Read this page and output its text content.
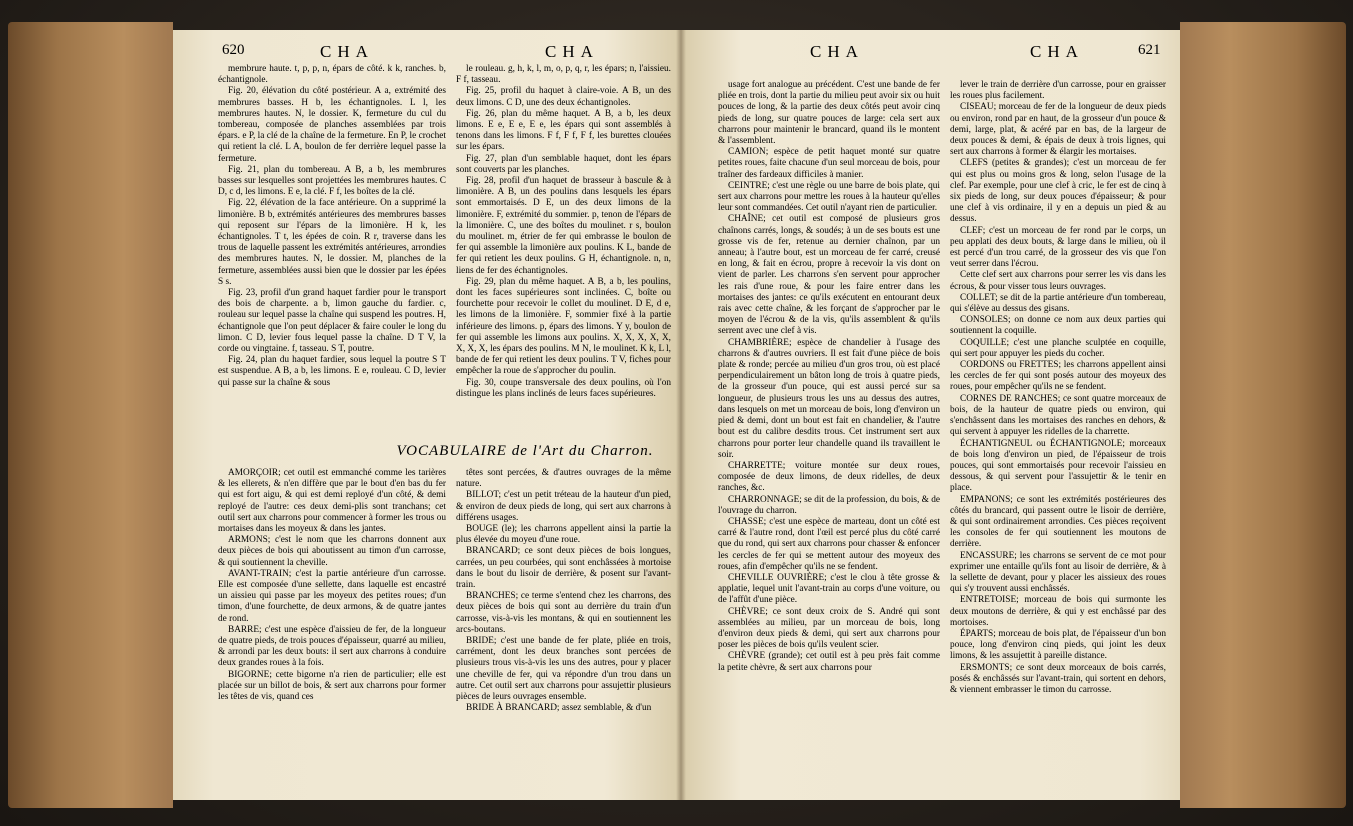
620	CHA	CHA	CHA	CHA	621

membrure haute. t, p, p, n, épars de côté. k k, ranches. b, échantignole.

Fig. 20, élévation du côté postérieur. A a, extrémité des membrures basses. H b, les échantignoles. L l, les membrures hautes. N, le dossier. K, fermeture du cul du tombereau, composée de planches assemblées par trois épars. e P, la clé de la chaîne de la fermeture. En P, le crochet qui retient la clé. L A, boulon de fer derrière lequel passe la fermeture.

Fig. 21, plan du tombereau. A B, a b, les membrures basses sur lesquelles sont projettées les membrures hautes. C D, c d, les limons. E e, la clé. F f, les boîtes de la clé.

Fig. 22, élévation de la face antérieure. On a supprimé la limonière. B b, extrémités antérieures des membrures basses qui reposent sur l'épars de la limonière. H k, les échantignoles. T t, les épées de coin. R r, traverse dans les trous de laquelle passent les extrémités antérieures, arrondies des membrures hautes. N, le dossier. M, planches de la fermeture, assemblées aussi bien que le dossier par les épées S s.

Fig. 23, profil d'un grand haquet fardier pour le transport des bois de charpente. a b, limon gauche du fardier. c, rouleau sur lequel passe la chaîne qui suspend les poutres. H, échantignole que l'on peut déplacer & faire couler le long du limon. C D, levier fous lequel passe la chaîne. D T V, la corde ou vingtaine. f, tasseau. S T, poutre.

Fig. 24, plan du haquet fardier, sous lequel la poutre S T est suspendue. A B, a b, les limons. E e, rouleau. C D, levier qui passe sur la chaîne & sous

le rouleau. g, h, k, l, m, o, p, q, r, les épars; n, l'aissieu. F f, tasseau.

Fig. 25, profil du haquet à claire-voie. A B, un des deux limons. C D, une des deux échantignoles.

Fig. 26, plan du même haquet. A B, a b, les deux limons. E e, E e, E e, les épars qui sont assemblés à tenons dans les limons. F f, F f, F f, les burettes clouées sur les épars.

Fig. 27, plan d'un semblable haquet, dont les épars sont couverts par les planches.

Fig. 28, profil d'un haquet de brasseur à bascule & à limonière. A B, un des poulins dans lesquels les épars sont emmortaisés. D E, un des deux limons de la limonière. F, extrémité du sommier. p, tenon de l'épars de la limonière. C, une des boîtes du moulinet. r s, boulon du moulinet. m, étrier de fer qui embrasse le boulon de fer qui assemble la limonière aux poulins. K L, bande de fer qui retient les deux poulins. G H, échantignole. n, n, liens de fer des échantignoles.

Fig. 29, plan du même haquet. A B, a b, les poulins, dont les faces supérieures sont inclinées. C, boîte ou fourchette pour recevoir le collet du moulinet. D E, d e, les limons de la limonière. F, sommier fixé à la partie inférieure des limons. p, épars des limons. Y y, boulon de fer qui assemble les limons aux poulins. X, X, X, X, X, X, X, X, les épars des poulins. M N, le moulinet. K k, L l, bande de fer qui retient les deux poulins. T V, fiches pour empêcher la roue de s'approcher du poulin.

Fig. 30, coupe transversale des deux poulins, où l'on distingue les plans inclinés de leurs faces supérieures.

VOCABULAIRE de l'Art du Charron.

AMORÇOIR; cet outil est emmanché comme les tarières & les ellerets, & n'en diffère que par le bout d'en bas du fer qui est fort aigu, & qui est demi reployé d'un côté, & demi reployé de l'autre: ces deux demi-plis sont tranchans; cet outil sert aux charrons pour commencer à former les trous ou mortaises dans les moyeux & dans les jantes.

ARMONS; c'est le nom que les charrons donnent aux deux pièces de bois qui aboutissent au timon d'un carrosse, & qui soutiennent la cheville.

AVANT-TRAIN; c'est la partie antérieure d'un carrosse. Elle est composée d'une sellette, dans laquelle est encastré un aissieu qui passe par les moyeux des petites roues; d'un timon, d'une fourchette, de deux armons, & de quatre jantes de rond.

BARRE; c'est une espèce d'aissieu de fer, de la longueur de quatre pieds, de trois pouces d'épaisseur, quarré au milieu, & arrondi par les deux bouts: il sert aux charrons à conduire deux grandes roues à la fois.

BIGORNE; cette bigorne n'a rien de particulier; elle est placée sur un billot de bois, & sert aux charrons pour former les têtes de vis, quand ces

têtes sont percées, & d'autres ouvrages de la même nature.

BILLOT; c'est un petit tréteau de la hauteur d'un pied, & environ de deux pieds de long, qui sert aux charrons à différens usages.

BOUGE (le); les charrons appellent ainsi la partie la plus élevée du moyeu d'une roue.

BRANCARD; ce sont deux pièces de bois longues, carrées, un peu courbées, qui sont enchâssées à mortoise dans le bout du lisoir de derrière, & posent sur l'avant-train.

BRANCHES; ce terme s'entend chez les charrons, des deux pièces de bois qui sont au derrière du train d'un carrosse, vis-à-vis les montans, & qui en soutiennent les arcs-boutans.

BRIDE; c'est une bande de fer plate, pliée en trois, carrément, dont les deux branches sont percées de plusieurs trous vis-à-vis les uns des autres, pour y placer une cheville de fer, qui va répondre d'un trou dans un autre. Cet outil sert aux charrons pour assujettir plusieurs pièces de leurs ouvrages ensemble.

BRIDE À BRANCARD; assez semblable, & d'un

usage fort analogue au précédent. C'est une bande de fer pliée en trois, dont la partie du milieu peut avoir six ou huit pouces de long, & la partie des deux côtés peut avoir cinq pieds de long, sur quatre pouces de large: cela sert aux charrons pour maintenir le brancard, quand ils le montent & l'assemblent.

CAMION; espèce de petit haquet monté sur quatre petites roues, faite chacune d'un seul morceau de bois, pour traîner des fardeaux difficiles à manier.

CEINTRE; c'est une règle ou une barre de bois plate, qui sert aux charrons pour mettre les roues à la hauteur qu'elles leur sont commandées. Cet outil n'ayant rien de particulier.

CHAÎNE; cet outil est composé de plusieurs gros chaînons carrés, longs, & soudés; à un de ses bouts est une grosse vis de fer, retenue au dernier chaînon, par un anneau; à l'autre bout, est un morceau de fer carré, creusé en long, & fait en écrou, propre à recevoir la vis dont on vient de parler. Les charrons s'en servent pour approcher les rais d'une roue, & pour les faire entrer dans les mortaises des jantes: ce qu'ils exécutent en entourant deux rais avec cette chaîne, & les forçant de s'approcher par le moyen de l'écrou & de la vis, qu'ils assemblent & qu'ils serrent avec une clef à vis.

CHAMBRIÈRE; espèce de chandelier à l'usage des charrons & d'autres ouvriers. Il est fait d'une pièce de bois plate & ronde; percée au milieu d'un gros trou, où est placé perpendiculairement un bâton long de trois à quatre pieds, de la grosseur d'un pouce, qui est aussi percé sur sa longueur, de plusieurs trous les uns au dessus des autres, dans lesquels on met un morceau de bois, long d'environ un pied & demi, dont un bout est fait en chandelier, & l'autre bout est du calibre desdits trous. Cet instrument sert aux charrons pour porter leur chandelle quand ils travaillent le soir.

CHARRETTE; voiture montée sur deux roues, composée de deux limons, de deux ridelles, de deux ranches, &c.

CHARRONNAGE; se dit de la profession, du bois, & de l'ouvrage du charron.

CHASSE; c'est une espèce de marteau, dont un côté est carré & l'autre rond, dont l'œil est percé plus du côté carré que du rond, qui sert aux charrons pour chasser & enfoncer les cercles de fer qui se mettent autour des moyeux des roues, afin d'empêcher qu'ils ne se fendent.

CHEVILLE OUVRIÈRE; c'est le clou à tête grosse & applatie, lequel unit l'avant-train au corps d'une voiture, ou de l'affût d'une pièce.

CHÈVRE; ce sont deux croix de S. André qui sont assemblées au milieu, par un morceau de bois, long d'environ deux pieds & demi, qui sert aux charrons pour poser les pièces de bois qu'ils veulent scier.

CHÈVRE (grande); cet outil est à peu près fait comme la petite chèvre, & sert aux charrons pour

lever le train de derrière d'un carrosse, pour en graisser les roues plus facilement.

CISEAU; morceau de fer de la longueur de deux pieds ou environ, rond par en haut, de la grosseur d'un pouce & demi, large, plat, & acéré par en bas, de la largeur de deux pouces & demi, & épais de deux à trois lignes, qui sert aux charrons à former & élargir les mortaises.

CLEFS (petites & grandes); c'est un morceau de fer qui est plus ou moins gros & long, selon l'usage de la clef. Par exemple, pour une clef à cric, le fer est de cinq à six pieds de long, sur deux pouces d'épaisseur; & pour une clef à vis ordinaire, il y en a depuis un pied & au dessus.

CLEF; c'est un morceau de fer rond par le corps, un peu applati des deux bouts, & large dans le milieu, où il est percé d'un trou carré, de la grosseur des vis que l'on veut serrer dans l'écrou.

Cette clef sert aux charrons pour serrer les vis dans les écrous, & pour visser tous leurs ouvrages.

COLLET; se dit de la partie antérieure d'un tombereau, qui s'élève au dessus des gisans.

CONSOLES; on donne ce nom aux deux parties qui soutiennent la coquille.

COQUILLE; c'est une planche sculptée en coquille, qui sert pour appuyer les pieds du cocher.

CORDONS ou FRETTES; les charrons appellent ainsi les cercles de fer qui sont posés autour des moyeux des roues, pour empêcher qu'ils ne se fendent.

CORNES DE RANCHES; ce sont quatre morceaux de bois, de la hauteur de quatre pieds ou environ, qui s'enchâssent dans les mortaises des ranches en dehors, & qui servent à appuyer les ridelles de la charrette.

ÉCHANTIGNEUL ou ÉCHANTIGNOLE; morceaux de bois long d'environ un pied, de l'épaisseur de trois pouces, qui sont emmortaisés pour recevoir l'aissieu en dessous, & qui servent pour l'assujettir & le tenir en place.

EMPANONS; ce sont les extrémités postérieures des côtés du brancard, qui passent outre le lisoir de derrière, & qui sont ordinairement arrondies. Ces pièces reçoivent les consoles de fer qui soutiennent les moutons de derrière.

ENCASSURE; les charrons se servent de ce mot pour exprimer une entaille qu'ils font au lisoir de derrière, & à la sellette de devant, pour y placer les aissieux des roues qui s'y trouvent aussi enchâssés.

ENTRETOISE; morceau de bois qui surmonte les deux moutons de derrière, & qui y est enchâssé par des mortoises.

ÉPARTS; morceau de bois plat, de l'épaisseur d'un bon pouce, long d'environ cinq pieds, qui joint les deux limons, & les assujettit à pareille distance.

ERSMONTS; ce sont deux morceaux de bois carrés, posés & enchâssés sur l'avant-train, qui sortent en dehors, & viennent embrasser le timon du carrosse.
